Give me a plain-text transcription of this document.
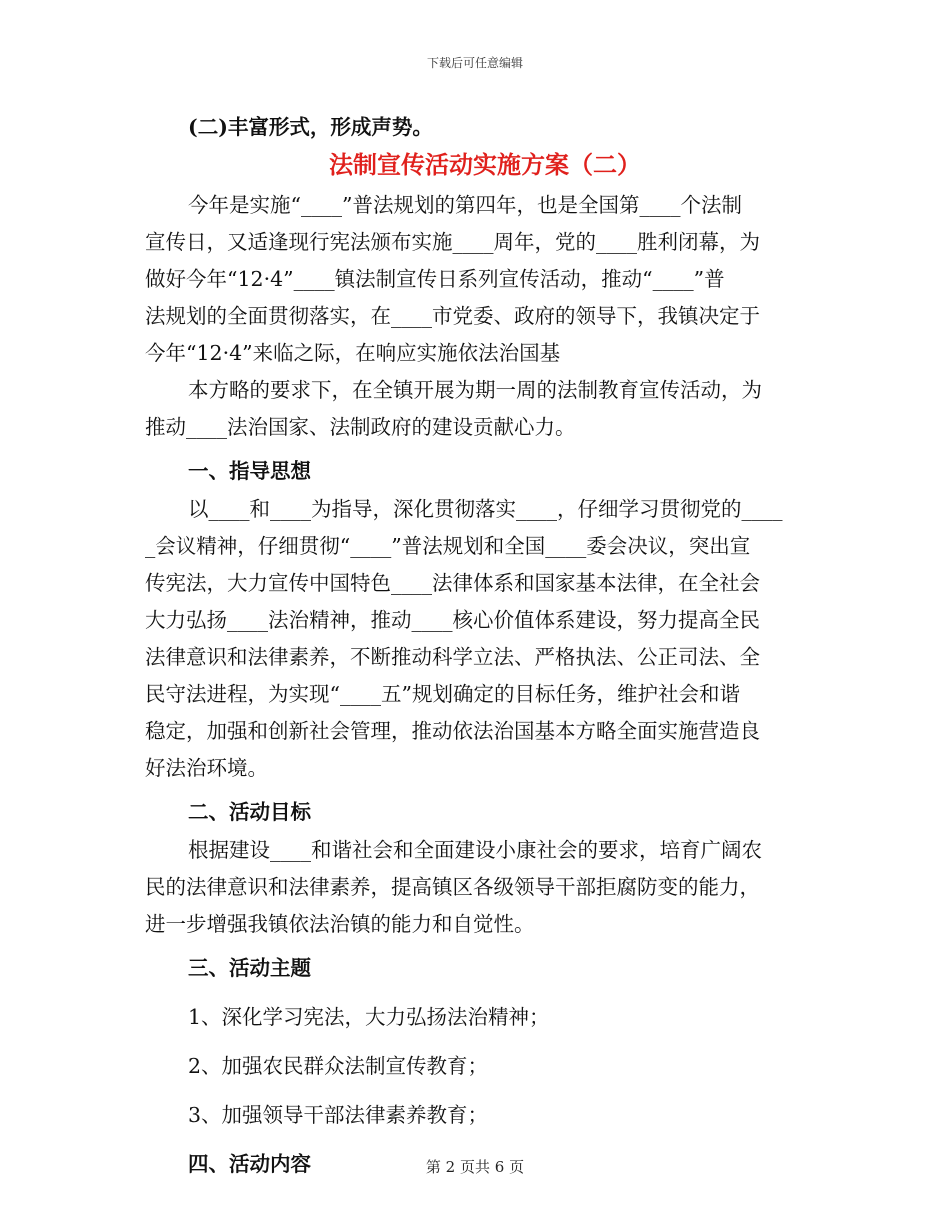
下载后可任意编辑
(二)丰富形式，形成声势。
法制宣传活动实施方案（二）
今年是实施“____”普法规划的第四年，也是全国第____个法制
宣传日，又适逢现行宪法颁布实施____周年，党的____胜利闭幕，为
做好今年“12·4”____镇法制宣传日系列宣传活动，推动“____”普
法规划的全面贯彻落实，在____市党委、政府的领导下，我镇决定于
今年“12·4”来临之际，在响应实施依法治国基
本方略的要求下，在全镇开展为期一周的法制教育宣传活动，为
推动____法治国家、法制政府的建设贡献心力。
一、指导思想
以____和____为指导，深化贯彻落实____，仔细学习贯彻党的____
_会议精神，仔细贯彻“____”普法规划和全国____委会决议，突出宣
传宪法，大力宣传中国特色____法律体系和国家基本法律，在全社会
大力弘扬____法治精神，推动____核心价值体系建设，努力提高全民
法律意识和法律素养，不断推动科学立法、严格执法、公正司法、全
民守法进程，为实现“____五”规划确定的目标任务，维护社会和谐
稳定，加强和创新社会管理，推动依法治国基本方略全面实施营造良
好法治环境。
二、活动目标
根据建设____和谐社会和全面建设小康社会的要求，培育广阔农
民的法律意识和法律素养，提高镇区各级领导干部拒腐防变的能力，
进一步增强我镇依法治镇的能力和自觉性。
三、活动主题
1、深化学习宪法，大力弘扬法治精神；
2、加强农民群众法制宣传教育；
3、加强领导干部法律素养教育；
四、活动内容	第 2 页共 6 页
